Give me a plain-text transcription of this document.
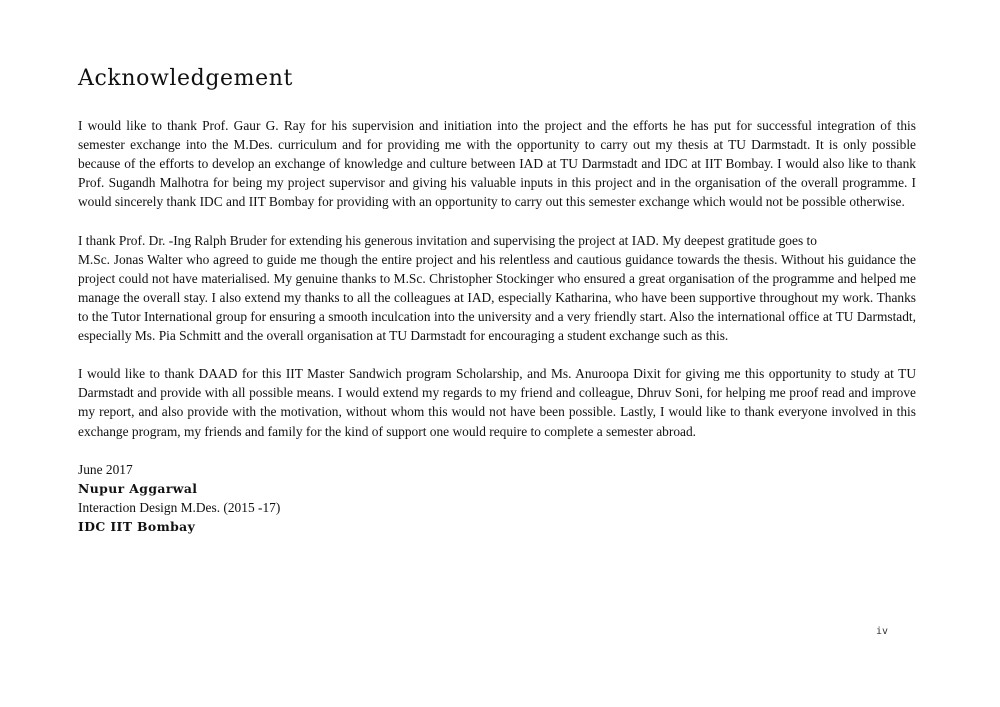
Acknowledgement

I would like to thank Prof. Gaur G. Ray for his supervision and initiation into the project and the efforts he has put for successful integration of this semester exchange into the M.Des. curriculum and for providing me with the opportunity to carry out my thesis at TU Darmstadt. It is only possible because of the efforts to develop an exchange of knowledge and culture between IAD at TU Darmstadt and IDC at IIT Bombay. I would also like to thank Prof. Sugandh Malhotra for being my project supervisor and giving his valuable inputs in this project and in the organisation of the overall programme. I would sincerely thank IDC and IIT Bombay for providing with an opportunity to carry out this semester exchange which would not be possible otherwise.

I thank Prof. Dr. -Ing Ralph Bruder for extending his generous invitation and supervising the project at IAD. My deepest gratitude goes to
M.Sc. Jonas Walter who agreed to guide me though the entire project and his relentless and cautious guidance towards the thesis. Without his guidance the project could not have materialised. My genuine thanks to M.Sc. Christopher Stockinger who ensured a great organisation of the programme and helped me manage the overall stay. I also extend my thanks to all the colleagues at IAD, especially Katharina, who have been supportive throughout my work. Thanks to the Tutor International group for ensuring a smooth inculcation into the university and a very friendly start. Also the international office at TU Darmstadt, especially Ms. Pia Schmitt and the overall organisation at TU Darmstadt for encouraging a student exchange such as this.

I would like to thank DAAD for this IIT Master Sandwich program Scholarship, and Ms. Anuroopa Dixit for giving me this opportunity to study at TU Darmstadt and provide with all possible means. I would extend my regards to my friend and colleague, Dhruv Soni, for helping me proof read and improve my report, and also provide with the motivation, without whom this would not have been possible. Lastly, I would like to thank everyone involved in this exchange program, my friends and family for the kind of support one would require to complete a semester abroad.

June 2017
Nupur Aggarwal
Interaction Design M.Des. (2015 -17)
IDC IIT Bombay
iv
